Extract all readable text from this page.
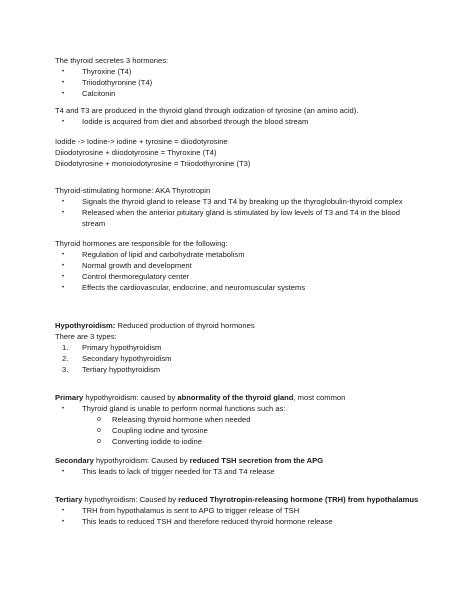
The thyroid secretes 3 hormones:
• Thyroxine (T4)
• Triiodothyronine (T4)
• Calcitonin
T4 and T3 are produced in the thyroid gland through iodization of tyrosine (an amino acid).
• Iodide is acquired from diet and absorbed through the blood stream
Iodide -> Iodine-> iodine + tyrosine = diiodotyrosine
Diiodotyrosine + diiodotyrosine = Thyroxine (T4)
Diiodotyrosine + monoiodotyrosine = Triiodothyronine (T3)
Thyroid-stimulating hormone: AKA Thyrotropin
• Signals the thyroid gland to release T3 and T4 by breaking up the thyroglobulin-thyroid complex
• Released when the anterior pituitary gland is stimulated by low levels of T3 and T4 in the blood
stream
Thyroid hormones are responsible for the following:
• Regulation of lipid and carbohydrate metabolism
• Normal growth and development
• Control thermoregulatory center
• Effects the cardiovascular, endocrine, and neuromuscular systems
Hypothyroidism: Reduced production of thyroid hormones
There are 3 types:
1. Primary hypothyroidism
2. Secondary hypothyroidism
3. Tertiary hypothyroidism
Primary hypothyroidism: caused by abnormality of the thyroid gland, most common
• Thyroid gland is unable to perform normal functions such as:
o Releasing thyroid hormone when needed
o Coupling iodine and tyrosine
o Converting iodide to iodine
Secondary hypothyroidism: Caused by reduced TSH secretion from the APG
• This leads to lack of trigger needed for T3 and T4 release
Tertiary hypothyroidism: Caused by reduced Thyrotropin-releasing hormone (TRH) from hypothalamus
• TRH from hypothalamus is sent to APG to trigger release of TSH
• This leads to reduced TSH and therefore reduced thyroid hormone release
